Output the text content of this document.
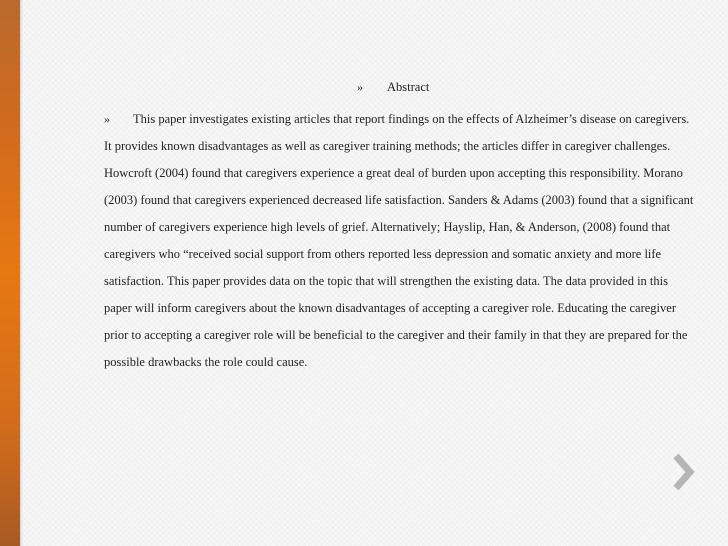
» Abstract
» This paper investigates existing articles that report findings on the effects of Alzheimer’s disease on caregivers. It provides known disadvantages as well as caregiver training methods; the articles differ in caregiver challenges. Howcroft (2004) found that caregivers experience a great deal of burden upon accepting this responsibility. Morano (2003) found that caregivers experienced decreased life satisfaction. Sanders & Adams (2003) found that a significant number of caregivers experience high levels of grief. Alternatively; Hayslip, Han, & Anderson, (2008) found that caregivers who “received social support from others reported less depression and somatic anxiety and more life satisfaction. This paper provides data on the topic that will strengthen the existing data. The data provided in this paper will inform caregivers about the known disadvantages of accepting a caregiver role. Educating the caregiver prior to accepting a caregiver role will be beneficial to the caregiver and their family in that they are prepared for the possible drawbacks the role could cause.
